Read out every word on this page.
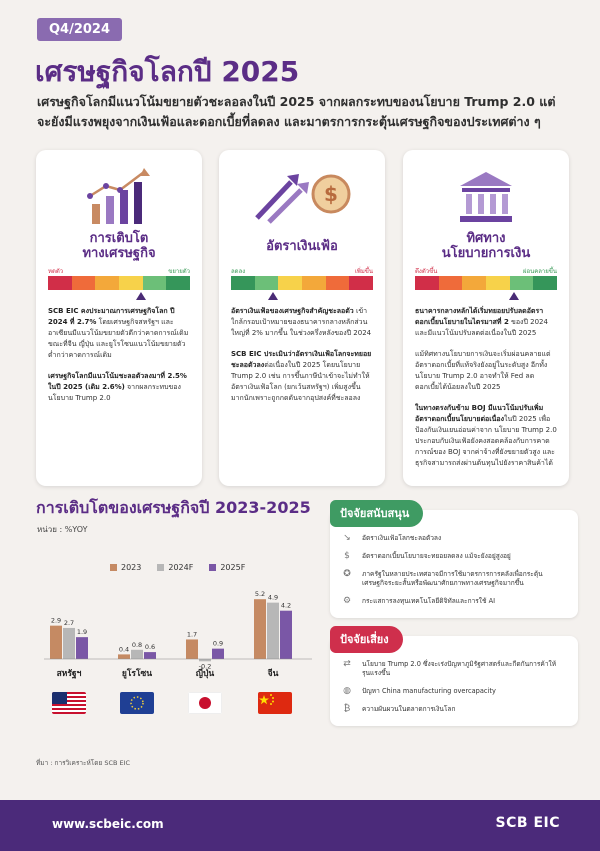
Q4/2024
เศรษฐกิจโลกปี 2025
เศรษฐกิจโลกมีแนวโน้มขยายตัวชะลอลงในปี 2025 จากผลกระทบของนโยบาย Trump 2.0 แต่จะยังมีแรงพยุงจากเงินเฟ้อและดอกเบี้ยที่ลดลง และมาตรการกระตุ้นเศรษฐกิจของประเทศต่าง ๆ
การเติบโต
ทางเศรษฐกิจ
หดตัว	ขยายตัว

SCB EIC คงประมาณการเศรษฐกิจโลก ปี 2024 ที่ 2.7% โดยเศรษฐกิจสหรัฐฯ และอาเซียนมีแนวโน้มขยายตัวดีกว่าคาดการณ์เดิม ขณะที่จีน ญี่ปุ่น และยูโรโซนแนวโน้มขยายตัวต่ำกว่าคาดการณ์เดิม

เศรษฐกิจโลกมีแนวโน้มชะลอตัวลงมาที่ 2.5% ในปี 2025 (เดิม 2.6%) จากผลกระทบของนโยบาย Trump 2.0

$
อัตราเงินเฟ้อ
ลดลง	เพิ่มขึ้น

อัตราเงินเฟ้อของเศรษฐกิจสำคัญชะลอตัว เข้าใกล้กรอบเป้าหมายของธนาคารกลางหลักส่วนใหญ่ที่ 2% มากขึ้น ในช่วงครึ่งหลังของปี 2024

SCB EIC ประเมินว่าอัตราเงินเฟ้อโลกจะทยอยชะลอตัวลงต่อเนื่องในปี 2025 โดยนโยบาย Trump 2.0 เช่น การขึ้นภาษีนำเข้าจะไม่ทำให้อัตราเงินเฟ้อโลก (ยกเว้นสหรัฐฯ) เพิ่มสูงขึ้นมากนักเพราะถูกกดดันจากอุปสงค์ที่ชะลอลง

ทิศทาง
นโยบายการเงิน
ตึงตัวขึ้น	ผ่อนคลายขึ้น

ธนาคารกลางหลักได้เริ่มทยอยปรับลดอัตราดอกเบี้ยนโยบายในไตรมาสที่ 2 ของปี 2024 และมีแนวโน้มปรับลดต่อเนื่องในปี 2025

แม้ทิศทางนโยบายการเงินจะเริ่มผ่อนคลายแต่อัตราดอกเบี้ยที่แท้จริงยังอยู่ในระดับสูง อีกทั้งนโยบาย Trump 2.0 อาจทำให้ Fed ลดดอกเบี้ยได้น้อยลงในปี 2025

ในทางตรงกันข้าม BOJ มีแนวโน้มปรับเพิ่มอัตราดอกเบี้ยนโยบายต่อเนื่องในปี 2025 เพื่อป้องกันเงินเยนอ่อนค่าจาก นโยบาย Trump 2.0 ประกอบกับเงินเฟ้อยังคงสอดคล้องกับการคาดการณ์ของ BOJ จากค่าจ้างที่ยังขยายตัวสูง และธุรกิจสามารถส่งผ่านต้นทุนไปยังราคาสินค้าได้

การเติบโตของเศรษฐกิจปี 2023-2025
หน่วย : %YOY
2023	2024F	2025F
2.9 2.7
1.9
สหรัฐฯ
0.4
0.8 0.6
ยูโรโซน
1.7
-0.2
0.9
ญี่ปุ่น
5.2 4.9
4.2
จีน
ที่มา : การวิเคราะห์โดย SCB EIC
ปัจจัยสนับสนุน
↘	อัตราเงินเฟ้อโลกชะลอตัวลง
$	อัตราดอกเบี้ยนโยบายจะทยอยลดลง แม้จะยังอยู่สูงอยู่
✪	ภาครัฐในหลายประเทศอาจมีการใช้มาตรการการคลังเพื่อกระตุ้นเศรษฐกิจระยะสั้นหรือพัฒนาศักยภาพทางเศรษฐกิจมากขึ้น
⚙	กระแสการลงทุนเทคโนโลยีดิจิทัลและการใช้ AI
ปัจจัยเสี่ยง
⇄	นโยบาย Trump 2.0 ซึ่งจะเร่งปัญหาภูมิรัฐศาสตร์และกีดกันการค้าให้รุนแรงขึ้น
◍	ปัญหา China manufacturing overcapacity
₿	ความผันผวนในตลาดการเงินโลก
www.scbeic.com	SCB EIC
